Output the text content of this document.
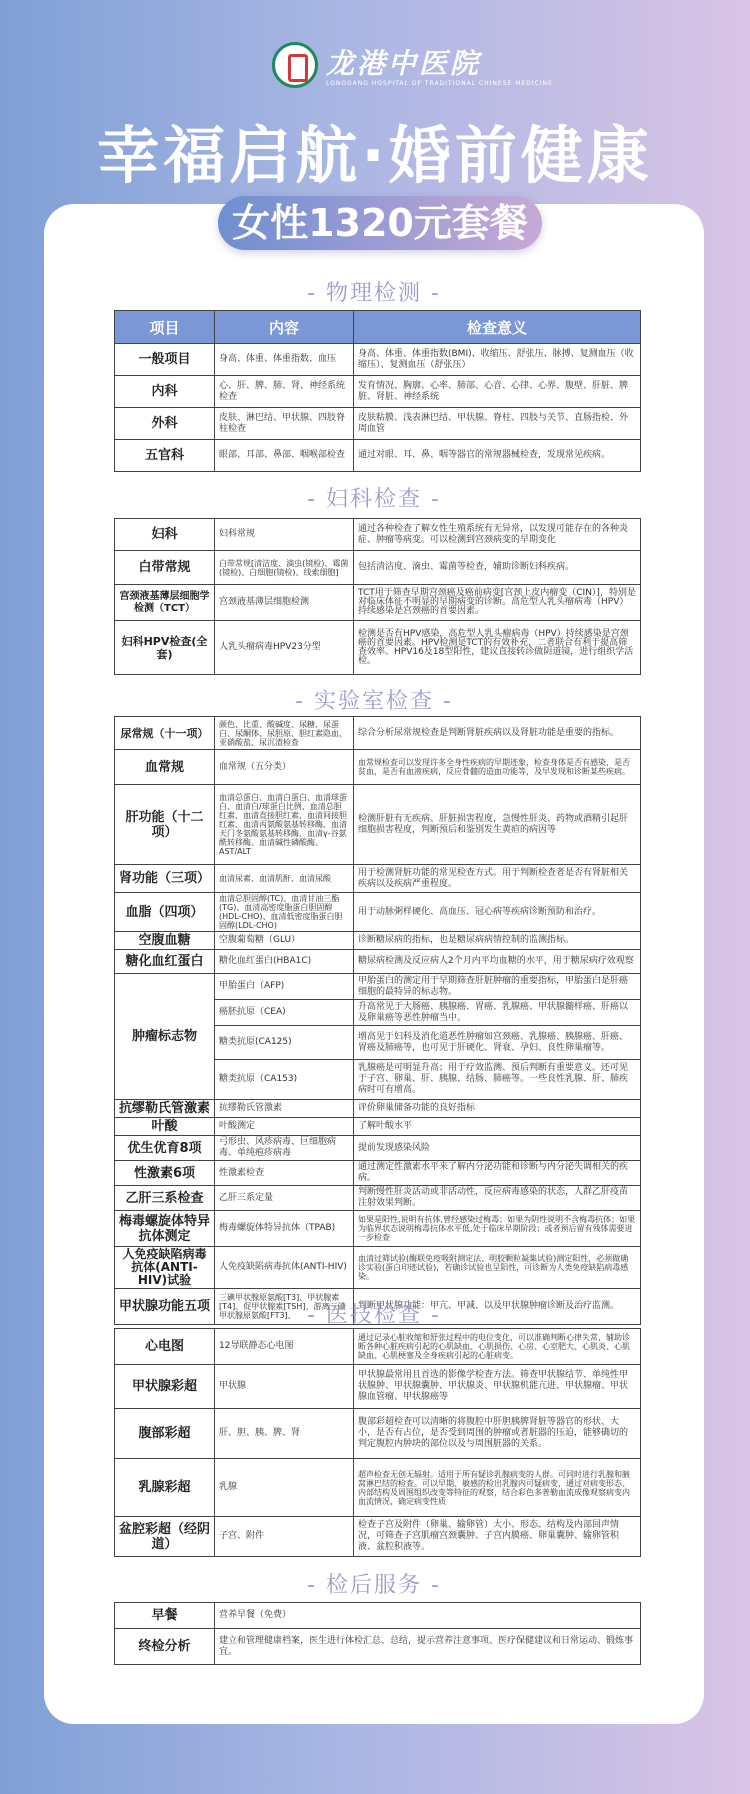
龙港中医院
LONGGANG HOSPITAL OF TRADITIONAL CHINESE MEDICINE
幸福启航·婚前健康
女性1320元套餐
- 物理检测 -
项目	内容	检查意义
一般项目	身高、体重、体重指数、血压	身高、体重、体重指数(BMI)、收缩压、舒张压、脉搏、复测血压（收缩压）、复测血压（舒张压）
内科	心、肝、脾、肺、肾、神经系统检查	发育情况、胸廓、心率、肺部、心音、心律、心界、腹壁、肝脏、脾脏、肾脏、神经系统
外科	皮肤、淋巴结、甲状腺、四肢脊柱检查	皮肤粘膜、浅表淋巴结、甲状腺、脊柱、四肢与关节、直肠指检、外周血管
五官科	眼部、耳部、鼻部、咽喉部检查	通过对眼、耳、鼻、咽等器官的常规器械检查，发现常见疾病。
- 妇科检查 -
妇科	妇科常规	通过各种检查了解女性生殖系统有无异常，以发现可能存在的各种炎症、肿瘤等病变。可以检测到宫颈病变的早期变化
白带常规	白带常规[清洁度、滴虫(镜检)、霉菌(镜检)、白细胞(镜检)、线索细胞]	包括清洁度、滴虫、霉菌等检查，辅助诊断妇科疾病。
宫颈液基薄层细胞学检测（TCT）	宫颈液基薄层细胞检测	TCT用于筛查早期宫颈癌及癌前病变[宫颈上皮内瘤变（CIN）]，特别是对临床体征不明显的早期病变的诊断。高危型人乳头瘤病毒（HPV）持续感染是宫颈癌的首要因素。
妇科HPV检查(全套)	人乳头瘤病毒HPV23分型	检测是否有HPV感染，高危型人乳头瘤病毒（HPV）持续感染是宫颈癌的首要因素。HPV检测是TCT的有效补充，二者联合有利于提高筛查效率。HPV16及18型阳性，建议直接转诊做阴道镜，进行组织学活检。
- 实验室检查 -
尿常规（十一项）	颜色、比重、酸碱度、尿糖、尿蛋白、尿酮体、尿胆原、胆红素隐血、亚硝酸盐、尿沉渣检查	综合分析尿常规检查是判断肾脏疾病以及肾脏功能是重要的指标。
血常规	血常规（五分类）	血常规检查可以发现许多全身性疾病的早期迹象，检查身体是否有感染，是否贫血，是否有血液疾病，反应骨髓的造血功能等，及早发现和诊断某些疾病。
肝功能（十二项）	血清总蛋白、血清白蛋白、血清球蛋白、血清白/球蛋白比例、血清总胆红素、血清直接胆红素、血清间接胆红素、血清丙氨酸氨基转移酶、血清天门冬氨酸氨基转移酶、血清γ-谷氨酰转移酶、血清碱性磷酸酶、AST/ALT	检测肝脏有无疾病、肝脏损害程度，急慢性肝炎、药物或酒精引起肝细胞损害程度，判断预后和鉴别发生黄疸的病因等
肾功能（三项）	血清尿素、血清肌酐、血清尿酸	用于检测肾脏功能的常见检查方式。用于判断检查者是否有肾脏相关疾病以及疾病严重程度。
血脂（四项）	血清总胆固醇(TC)、血清甘油三酯(TG)、血清高密度脂蛋白胆固醇(HDL-CHO)、血清低密度脂蛋白胆固醇(LDL-CHO)	用于动脉粥样硬化、高血压、冠心病等疾病诊断预防和治疗。
空腹血糖	空腹葡萄糖（GLU）	诊断糖尿病的指标，也是糖尿病病情控制的监测指标。
糖化血红蛋白	糖化血红蛋白(HBA1C)	糖尿病检测及反应病人2个月内平均血糖的水平，用于糖尿病疗效观察
肿瘤标志物	甲胎蛋白（AFP)	甲胎蛋白的测定用于早期筛查肝脏肿瘤的重要指标，甲胎蛋白是肝癌细胞的最特异的标志物。
	癌胚抗原（CEA)	升高常见于大肠癌、胰腺癌、胃癌、乳腺癌、甲状腺髓样癌、肝癌以及卵巢癌等恶性肿瘤当中。
	糖类抗原(CA125)	增高见于妇科及消化道恶性肿瘤如宫颈癌、乳腺癌、胰腺癌、肝癌、胃癌及肺癌等，也可见于肝硬化、肾衰、孕妇、良性卵巢瘤等。
	糖类抗原（CA153)	乳腺癌是可明显升高；用于疗效监测、预后判断有重要意义。还可见于子宫、卵巢、肝、胰腺、结肠、肺癌等。一些良性乳腺、肝、肺疾病时可有增高。
抗缪勒氏管激素	抗缪勒氏管激素	评价卵巢储备功能的良好指标
叶酸	叶酸测定	了解叶酸水平
优生优育8项	弓形虫、风疹病毒、巨细胞病毒、单纯疱疹病毒	提前发现感染风险
性激素6项	性激素检查	通过测定性激素水平来了解内分泌功能和诊断与内分泌失调相关的疾病。
乙肝三系检查	乙肝三系定量	判断慢性肝炎活动或非活动性，反应病毒感染的状态，人群乙肝疫苗注射效果判断。
梅毒螺旋体特异抗体测定	梅毒螺旋体特异抗体（TPAB)	如果是阳性,说明有抗体,曾经感染过梅毒；如果为阴性说明不含梅毒抗体；如果为临界状态说明梅毒抗体水平低,处于临床早期阶段；或者预后留有残体需要进一步检查
人免疫缺陷病毒抗体(ANTI-HIV)试验	人免疫缺陷病毒抗体(ANTI-HIV)	血清过筛试验(酶联免疫吸附测定法、明胶颗粒凝集试验)测定阳性，必须做确诊实验(蛋白印迹试验)，若确诊试验也呈阳性，可诊断为人类免疫缺陷病毒感染。
甲状腺功能五项	三碘甲状腺原氨酸[T3]、甲状腺素[T4]、促甲状腺素[TSH]、游离三碘甲状腺原氨酸[FT3]、	判断甲状腺功能：甲亢、甲减、以及甲状腺肿瘤诊断及治疗监测。
- 医技检查 -
心电图	12导联静态心电图	通过记录心脏收缩和舒张过程中的电位变化，可以准确判断心律失常，辅助诊断各种心脏疾病引起的心肌缺血、心肌损伤、心房、心室肥大、心肌炎、心肌缺血、心肌梗塞及全身疾病引起的心脏病变。
甲状腺彩超	甲状腺	甲状腺最常用且首选的影像学检查方法。筛查甲状腺结节、单纯性甲状腺肿、甲状腺囊肿、甲状腺炎、甲状腺机能亢进、甲状腺瘤、甲状腺血管瘤、甲状腺癌等
腹部彩超	肝、胆、胰、脾、肾	腹部彩超检查可以清晰的将腹腔中肝胆胰脾肾脏等器官的形状、大小，是否有占位，是否受到周围的肿瘤或者脏器的压迫，能够确切的判定腹腔内肿块的部位以及与周围脏器的关系。
乳腺彩超	乳腺	超声检查无创无辐射。适用于所有疑诊乳腺病变的人群。可同时进行乳腺和腋窝淋巴结的检查。可以早期、敏感的检出乳腺内可疑病变，通过对病变形态、内部结构及周围组织改变等特征的观察，结合彩色多普勒血流成像观察病变内血流情况，确定病变性质
盆腔彩超（经阴道）	子宫、附件	检查子宫及附件（卵巢、输卵管）大小、形态、结构及内部回声情况，可筛查子宫肌瘤宫颈囊肿、子宫内膜癌、卵巢囊肿、输卵管积液、盆腔积液等。
- 检后服务 -
早餐	营养早餐（免费）
终检分析	建立和管理健康档案，医生进行体检汇总、总结，提示营养注意事项、医疗保健建议和日常运动、锻炼事宜。
